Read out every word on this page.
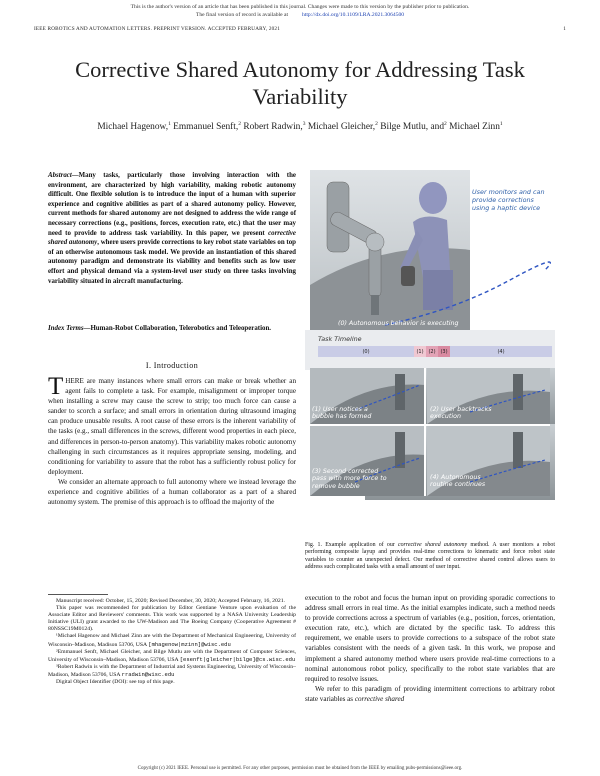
This is the author's version of an article that has been published in this journal. Changes were made to this version by the publisher prior to publication.
The final version of record is available at http://dx.doi.org/10.1109/LRA.2021.3064500
IEEE ROBOTICS AND AUTOMATION LETTERS. PREPRINT VERSION. ACCEPTED FEBRUARY, 2021	1
Corrective Shared Autonomy for Addressing Task Variability
Michael Hagenow,$^1$ Emmanuel Senft,$^2$ Robert Radwin,$^3$ Michael Gleicher,$^2$ Bilge Mutlu, and$^2$ Michael Zinn$^1$
Abstract—Many tasks, particularly those involving interaction with the environment, are characterized by high variability, making robotic autonomy difficult. One flexible solution is to introduce the input of a human with superior experience and cognitive abilities as part of a shared autonomy policy. However, current methods for shared autonomy are not designed to address the wide range of necessary corrections (e.g., positions, forces, execution rate, etc.) that the user may need to provide to address task variability. In this paper, we present corrective shared autonomy, where users provide corrections to key robot state variables on top of an otherwise autonomous task model. We provide an instantiation of this shared autonomy paradigm and demonstrate its viability and benefits such as low user effort and physical demand via a system-level user study on three tasks involving variability situated in aircraft manufacturing.
Index Terms—Human-Robot Collaboration, Telerobotics and Teleoperation.
I. Introduction

THERE are many instances where small errors can make or break whether an agent fails to complete a task. For example, misalignment or improper torque when installing a screw may cause the screw to strip; too much force can cause a sander to scorch a surface; and small errors in orientation during ultrasound imaging can produce unusable results. A root cause of these errors is the inherent variability of the tasks (e.g., small differences in the screws, different wood properties in each piece, and differences in person-to-person anatomy). This variability makes robotic autonomy challenging in such circumstances as it requires appropriate sensing, modeling, and conditioning for variability to assure that the robot has a sufficiently robust policy for deployment.

We consider an alternate approach to full autonomy where we instead leverage the experience and cognitive abilities of a human collaborator as a part of a shared autonomy system. The premise of this approach is to offload the majority of the

Manuscript received: October, 15, 2020; Revised December, 30, 2020; Accepted February, 16, 2021.

This paper was recommended for publication by Editor Gentiane Venture upon evaluation of the Associate Editor and Reviewers' comments. This work was supported by a NASA University Leadership Initiative (ULI) grant awarded to the UW-Madison and The Boeing Company (Cooperative Agreement # 80NSSC19M0124).

¹Michael Hagenow and Michael Zinn are with the Department of Mechanical Engineering, University of Wisconsin–Madison, Madison 53706, USA [mhagenow|mzinn]@wisc.edu

²Emmanuel Senft, Michael Gleicher, and Bilge Mutlu are with the Department of Computer Sciences, University of Wisconsin–Madison, Madison 53706, USA [esenft|gleicher|bilge]@cs.wisc.edu

³Robert Radwin is with the Department of Industrial and Systems Engineering, University of Wisconsin–Madison, Madison 53706, USA rradwin@wisc.edu

Digital Object Identifier (DOI): see top of this page.

(0)	(1) (2) (3)	(4)
Task Timeline
User monitors and can provide corrections using a haptic device
(0) Autonomous behavior is executing
(1) User notices a bubble has formed
(2) User backtracks execution
(3) Second corrected pass with more force to remove bubble
(4) Autonomous routine continues
Fig. 1. Example application of our corrective shared autonomy method. A user monitors a robot performing composite layup and provides real-time corrections to kinematic and force robot state variables to counter an unexpected defect. Our method of corrective shared control allows users to address such complicated tasks with a small amount of user input.

execution to the robot and focus the human input on providing sporadic corrections to address small errors in real time. As the initial examples indicate, such a method needs to provide corrections across a spectrum of variables (e.g., position, forces, orientation, execution rate, etc.), which are dictated by the specific task. To address this requirement, we enable users to provide corrections to a subspace of the robot state variables consistent with the needs of a given task. In this work, we propose and implement a shared autonomy method where users provide real-time corrections to a nominal autonomous robot policy, specifically to the robot state variables that are required to resolve issues.

We refer to this paradigm of providing intermittent corrections to arbitrary robot state variables as corrective shared

Copyright (c) 2021 IEEE. Personal use is permitted. For any other purposes, permission must be obtained from the IEEE by emailing pubs-permissions@ieee.org.
